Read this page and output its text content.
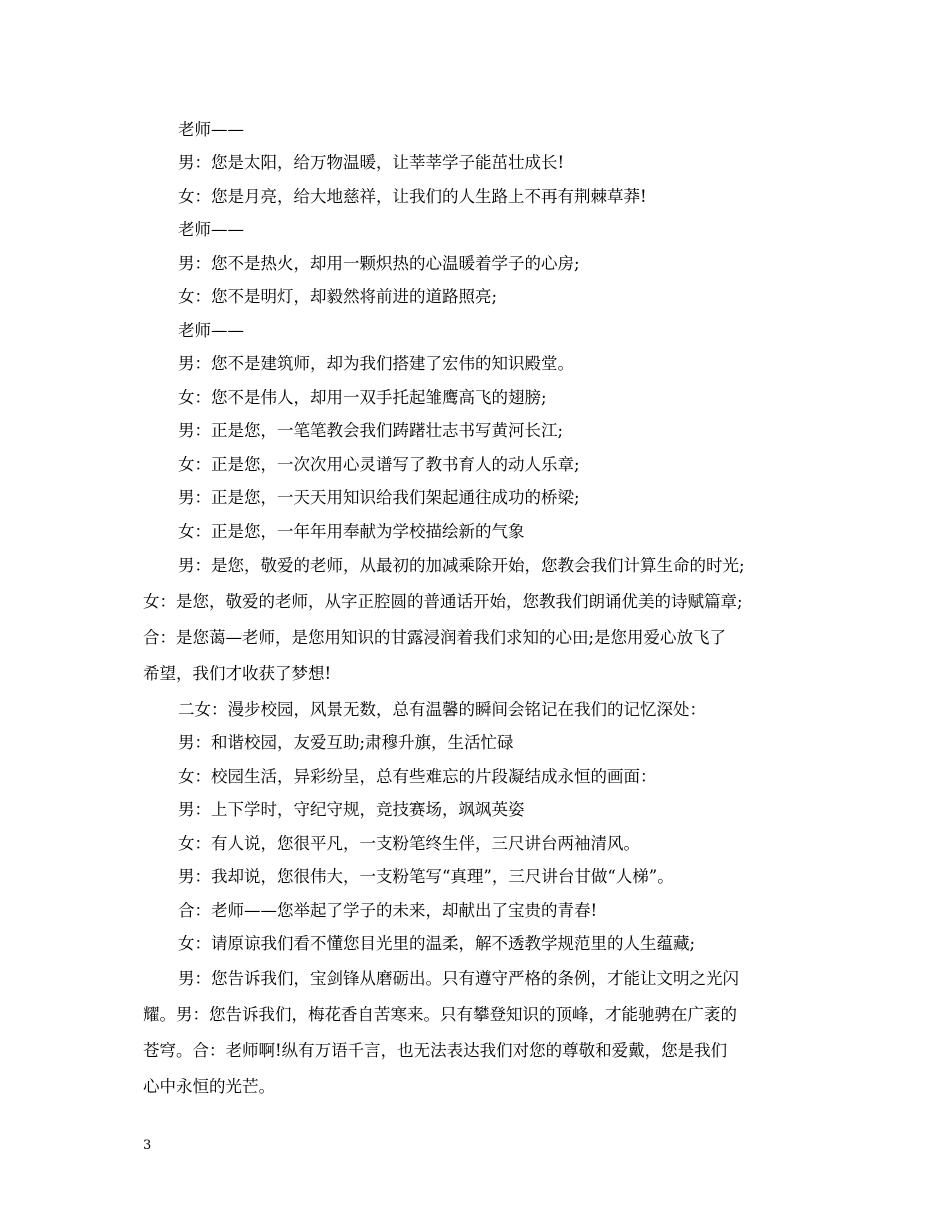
老师——
男：您是太阳，给万物温暖，让莘莘学子能茁壮成长!
女：您是月亮，给大地慈祥，让我们的人生路上不再有荆棘草莽!
老师——
男：您不是热火，却用一颗炽热的心温暖着学子的心房;
女：您不是明灯，却毅然将前进的道路照亮;
老师——
男：您不是建筑师，却为我们搭建了宏伟的知识殿堂。
女：您不是伟人，却用一双手托起雏鹰高飞的翅膀;
男：正是您，一笔笔教会我们踌躇壮志书写黄河长江;
女：正是您，一次次用心灵谱写了教书育人的动人乐章;
男：正是您，一天天用知识给我们架起通往成功的桥梁;
女：正是您，一年年用奉献为学校描绘新的气象
男：是您，敬爱的老师，从最初的加减乘除开始，您教会我们计算生命的时光;
女：是您，敬爱的老师，从字正腔圆的普通话开始，您教我们朗诵优美的诗赋篇章;
合：是您蔼—老师，是您用知识的甘露浸润着我们求知的心田;是您用爱心放飞了
希望，我们才收获了梦想!
二女：漫步校园，风景无数，总有温馨的瞬间会铭记在我们的记忆深处：
男：和谐校园，友爱互助;肃穆升旗，生活忙碌
女：校园生活，异彩纷呈，总有些难忘的片段凝结成永恒的画面：
男：上下学时，守纪守规，竞技赛场，飒飒英姿
女：有人说，您很平凡，一支粉笔终生伴，三尺讲台两袖清风。
男：我却说，您很伟大，一支粉笔写“真理”，三尺讲台甘做“人梯”。
合：老师——您举起了学子的未来，却献出了宝贵的青春!
女：请原谅我们看不懂您目光里的温柔，解不透教学规范里的人生蕴藏;
男：您告诉我们，宝剑锋从磨砺出。只有遵守严格的条例，才能让文明之光闪
耀。男：您告诉我们，梅花香自苦寒来。只有攀登知识的顶峰，才能驰骋在广袤的
苍穹。合：老师啊!纵有万语千言，也无法表达我们对您的尊敬和爱戴，您是我们
心中永恒的光芒。
3
